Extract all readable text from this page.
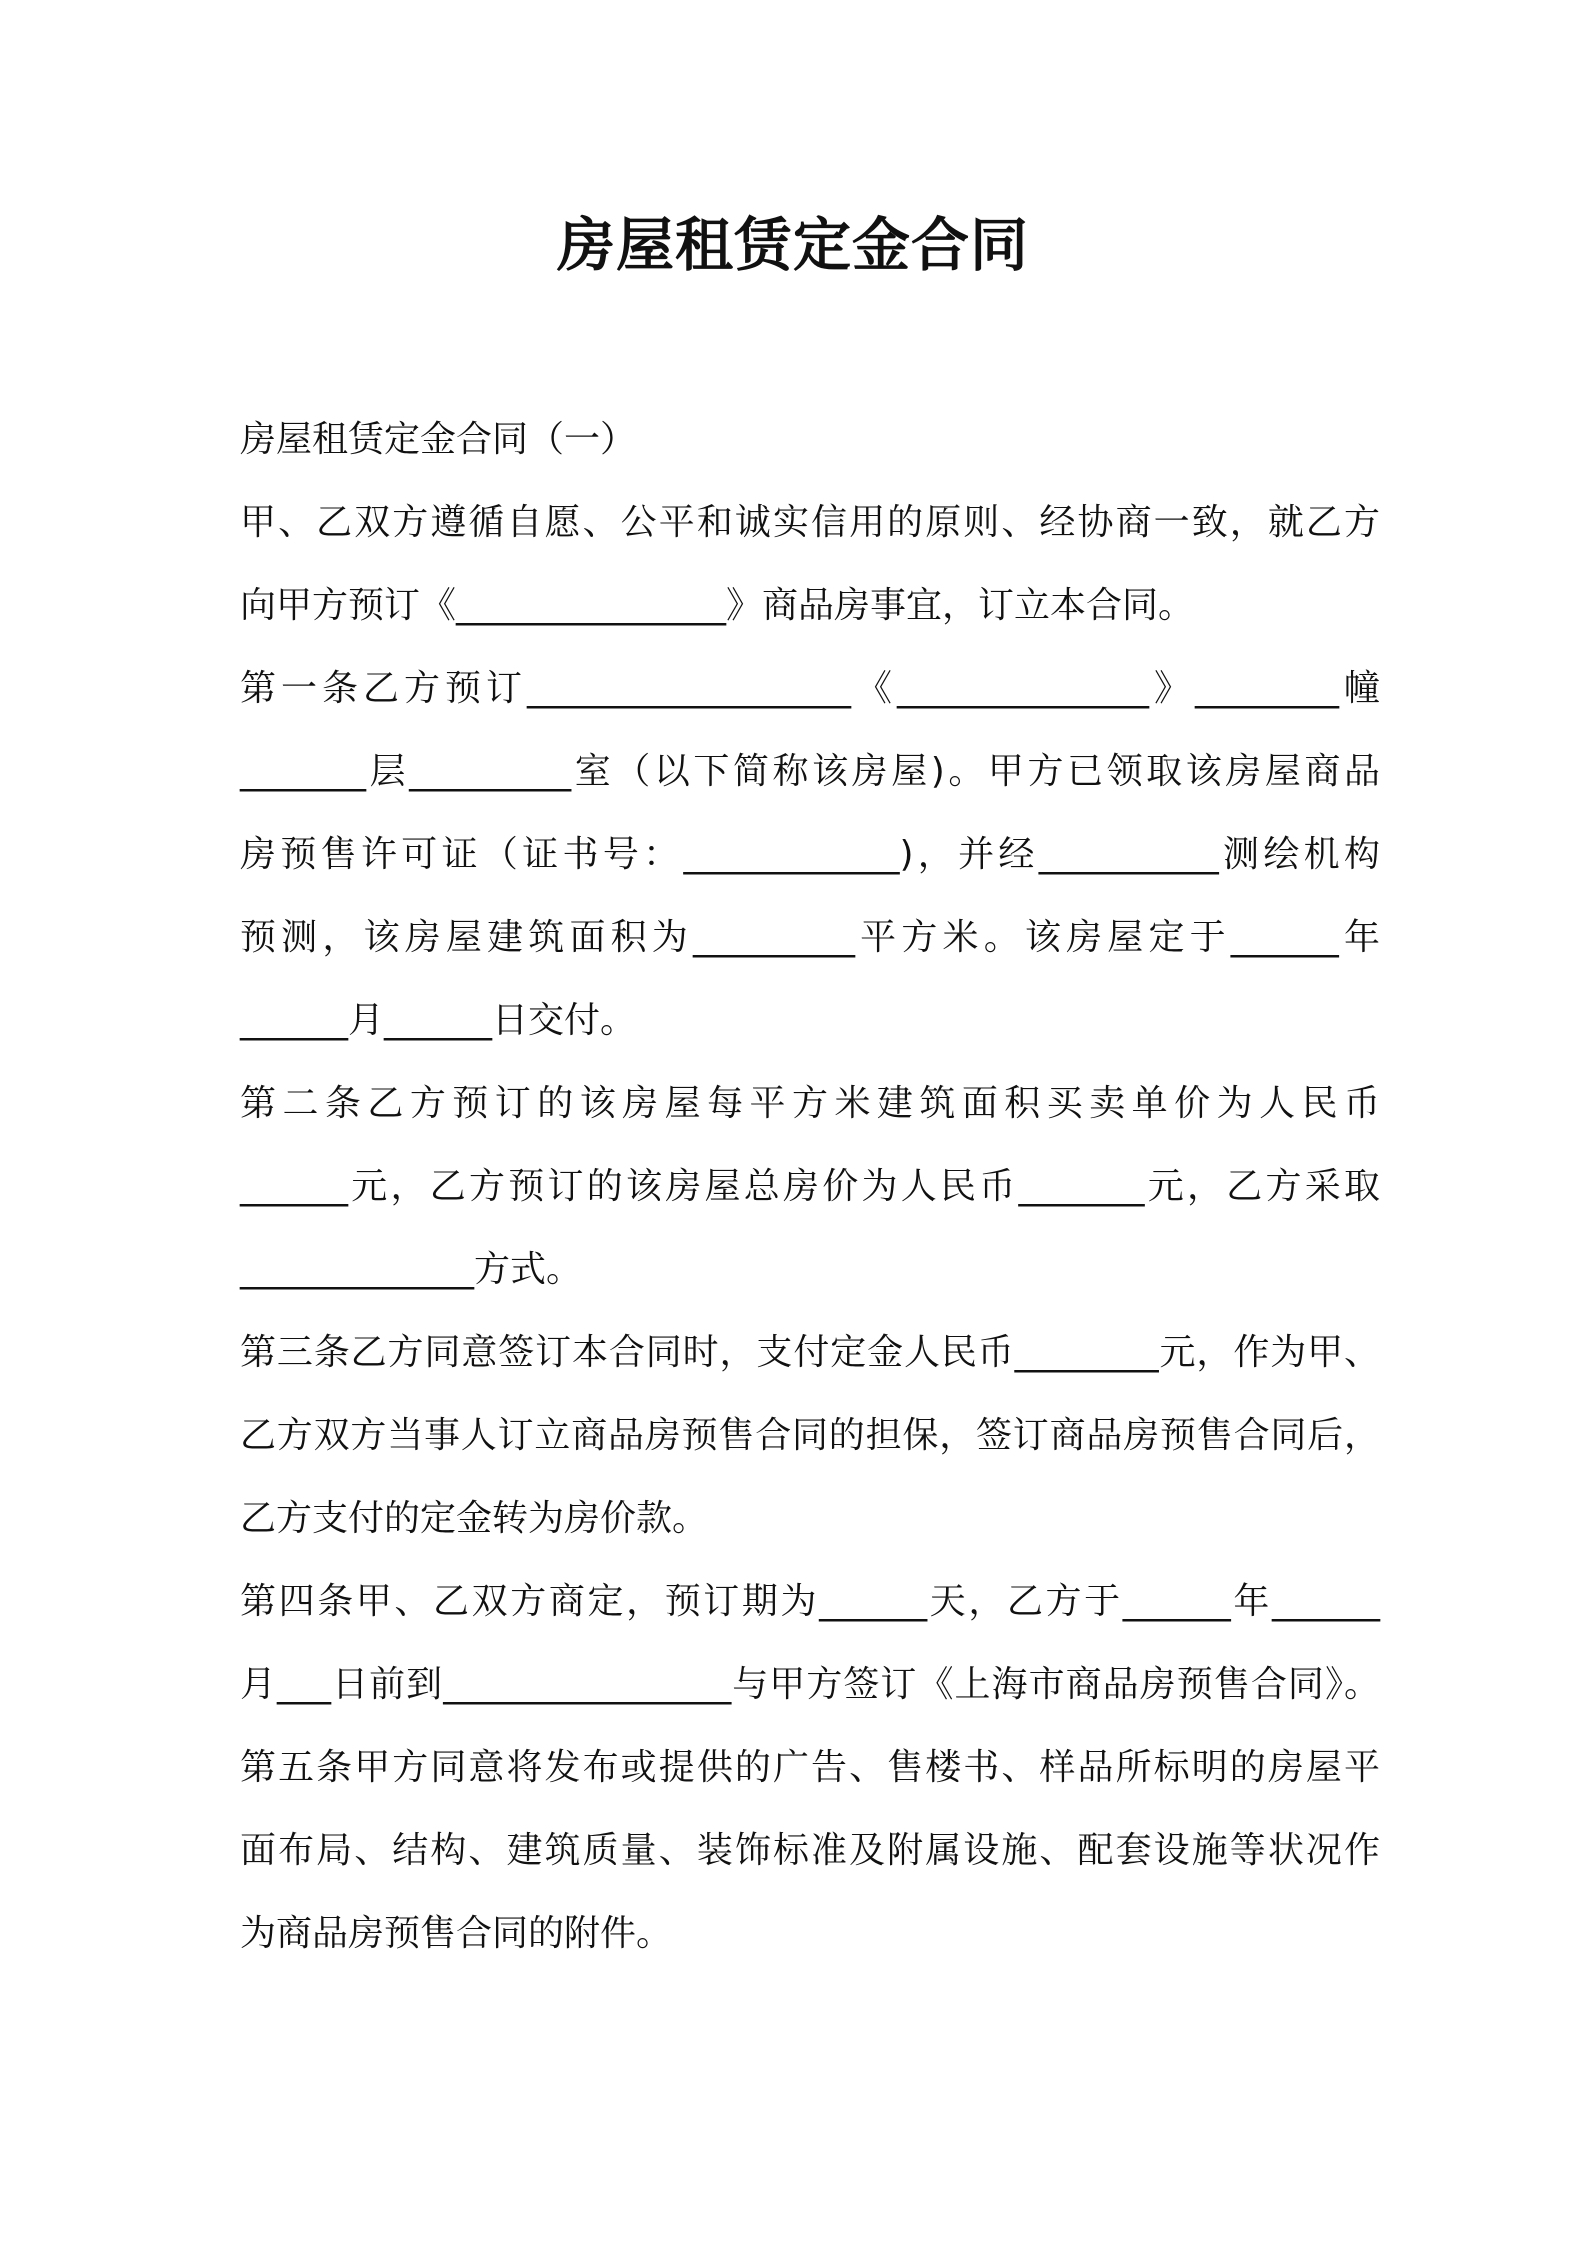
房屋租赁定金合同
房屋租赁定金合同（一）
甲、乙双方遵循自愿、公平和诚实信用的原则、经协商一致，就乙方
向甲方预订《_______________》商品房事宜，订立本合同。
第一条乙方预订__________________《______________》________幢
_______层_________室（以下简称该房屋)。甲方已领取该房屋商品
房预售许可证（证书号：____________)，并经__________测绘机构
预测，该房屋建筑面积为_________平方米。该房屋定于______年
______月______日交付。
第二条乙方预订的该房屋每平方米建筑面积买卖单价为人民币
______元，乙方预订的该房屋总房价为人民币_______元，乙方采取
_____________方式。
第三条乙方同意签订本合同时，支付定金人民币________元，作为甲、
乙方双方当事人订立商品房预售合同的担保，签订商品房预售合同后，
乙方支付的定金转为房价款。
第四条甲、乙双方商定，预订期为______天，乙方于______年______
月___日前到________________与甲方签订《上海市商品房预售合同》。
第五条甲方同意将发布或提供的广告、售楼书、样品所标明的房屋平
面布局、结构、建筑质量、装饰标准及附属设施、配套设施等状况作
为商品房预售合同的附件。
